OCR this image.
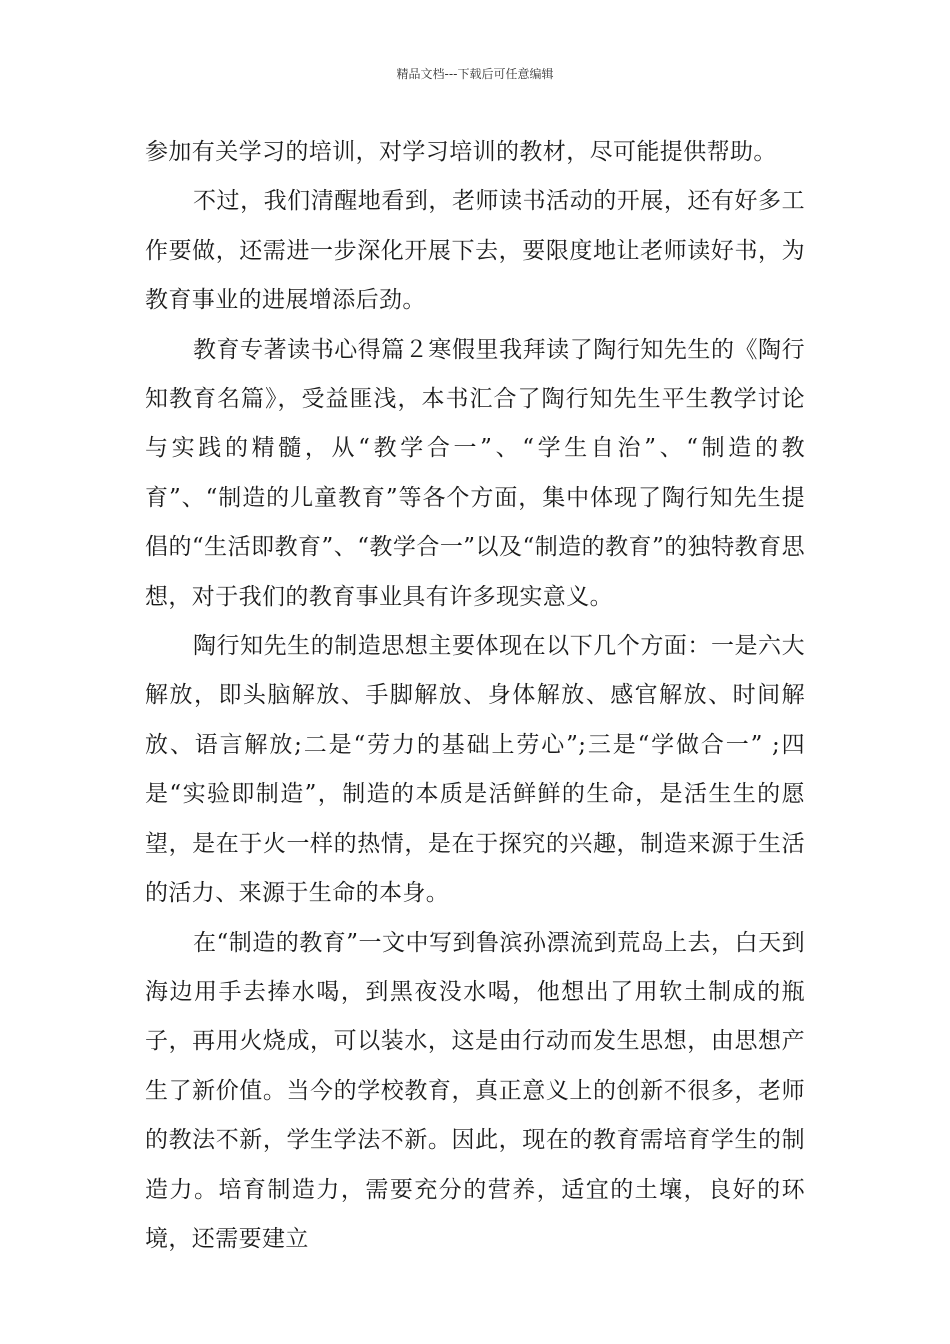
精品文档---下载后可任意编辑

参加有关学习的培训，对学习培训的教材，尽可能提供帮助。

不过，我们清醒地看到，老师读书活动的开展，还有好多工作要做，还需进一步深化开展下去，要限度地让老师读好书，为教育事业的进展增添后劲。

教育专著读书心得篇２寒假里我拜读了陶行知先生的《陶行知教育名篇》，受益匪浅，本书汇合了陶行知先生平生教学讨论与实践的精髓，从“教学合一”、“学生自治”、“制造的教育”、“制造的儿童教育”等各个方面，集中体现了陶行知先生提倡的“生活即教育”、“教学合一”以及“制造的教育”的独特教育思想，对于我们的教育事业具有许多现实意义。

陶行知先生的制造思想主要体现在以下几个方面：一是六大解放，即头脑解放、手脚解放、身体解放、感官解放、时间解放、语言解放;二是“劳力的基础上劳心”;三是“学做合一” ;四是“实验即制造”，制造的本质是活鲜鲜的生命，是活生生的愿望，是在于火一样的热情，是在于探究的兴趣，制造来源于生活的活力、来源于生命的本身。

在“制造的教育”一文中写到鲁滨孙漂流到荒岛上去，白天到海边用手去捧水喝，到黑夜没水喝，他想出了用软土制成的瓶子，再用火烧成，可以装水，这是由行动而发生思想，由思想产生了新价值。当今的学校教育，真正意义上的创新不很多，老师的教法不新，学生学法不新。因此，现在的教育需培育学生的制造力。培育制造力，需要充分的营养，适宜的土壤，良好的环境，还需要建立
